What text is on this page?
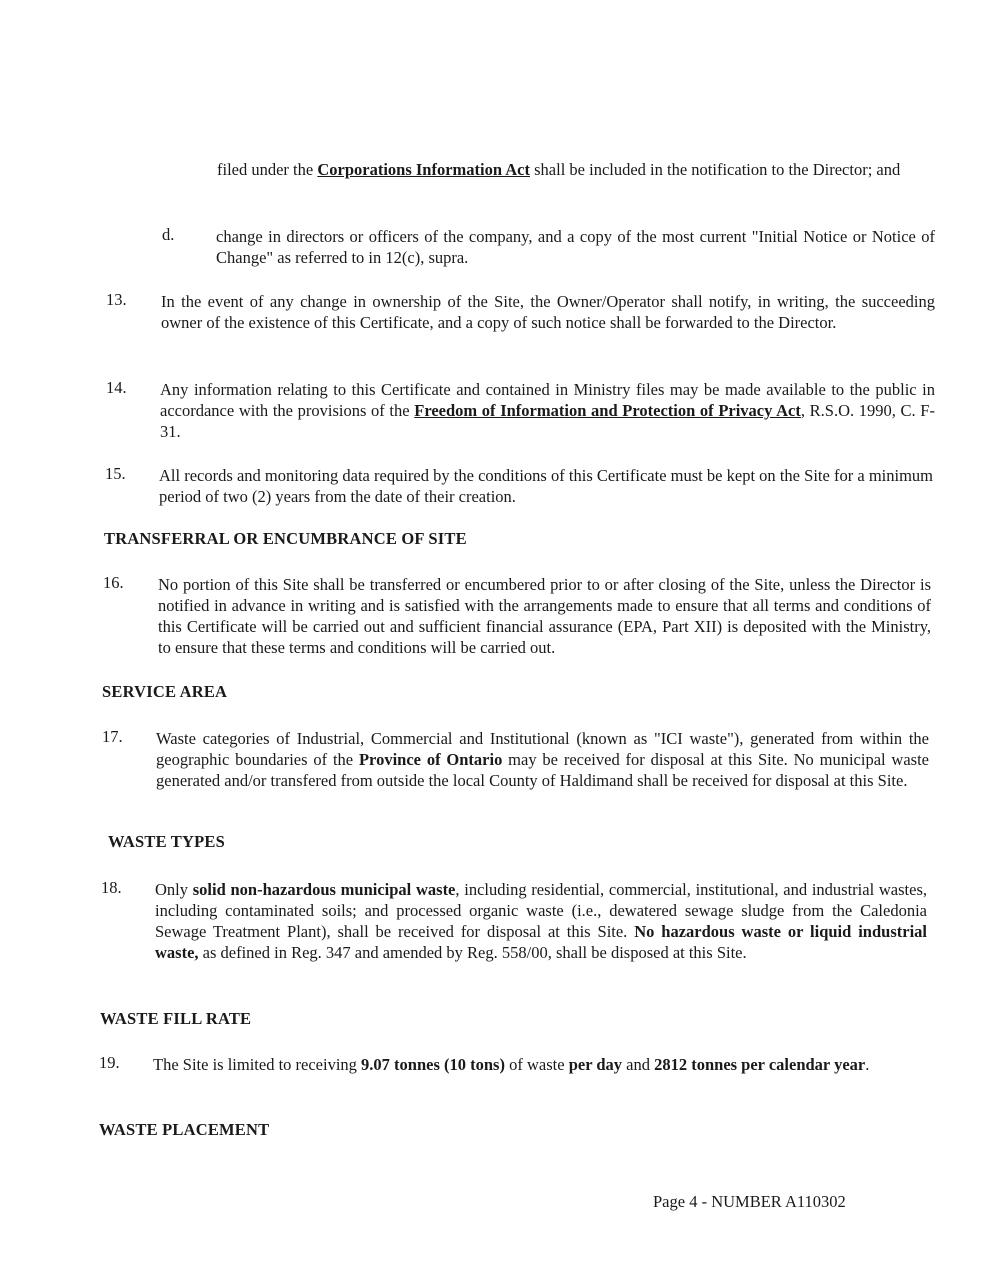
filed under the Corporations Information Act shall be included in the notification to the Director; and

d.	change in directors or officers of the company, and a copy of the most current "Initial Notice or Notice of Change" as referred to in 12(c), supra.

13. In the event of any change in ownership of the Site, the Owner/Operator shall notify, in writing, the succeeding owner of the existence of this Certificate, and a copy of such notice shall be forwarded to the Director.

14. Any information relating to this Certificate and contained in Ministry files may be made available to the public in accordance with the provisions of the Freedom of Information and Protection of Privacy Act, R.S.O. 1990, C. F-31.

15. All records and monitoring data required by the conditions of this Certificate must be kept on the Site for a minimum period of two (2) years from the date of their creation.

TRANSFERRAL OR ENCUMBRANCE OF SITE
16. No portion of this Site shall be transferred or encumbered prior to or after closing of the Site, unless the Director is notified in advance in writing and is satisfied with the arrangements made to ensure that all terms and conditions of this Certificate will be carried out and sufficient financial assurance (EPA, Part XII) is deposited with the Ministry, to ensure that these terms and conditions will be carried out.

SERVICE AREA
17. Waste categories of Industrial, Commercial and Institutional (known as "ICI waste"), generated from within the geographic boundaries of the Province of Ontario may be received for disposal at this Site. No municipal waste generated and/or transfered from outside the local County of Haldimand shall be received for disposal at this Site.

WASTE TYPES
18. Only solid non-hazardous municipal waste, including residential, commercial, institutional, and industrial wastes, including contaminated soils; and processed organic waste (i.e., dewatered sewage sludge from the Caledonia Sewage Treatment Plant), shall be received for disposal at this Site. No hazardous waste or liquid industrial waste, as defined in Reg. 347 and amended by Reg. 558/00, shall be disposed at this Site.

WASTE FILL RATE
19. The Site is limited to receiving 9.07 tonnes (10 tons) of waste per day and 2812 tonnes per calendar year.

WASTE PLACEMENT
Page 4 - NUMBER A110302
